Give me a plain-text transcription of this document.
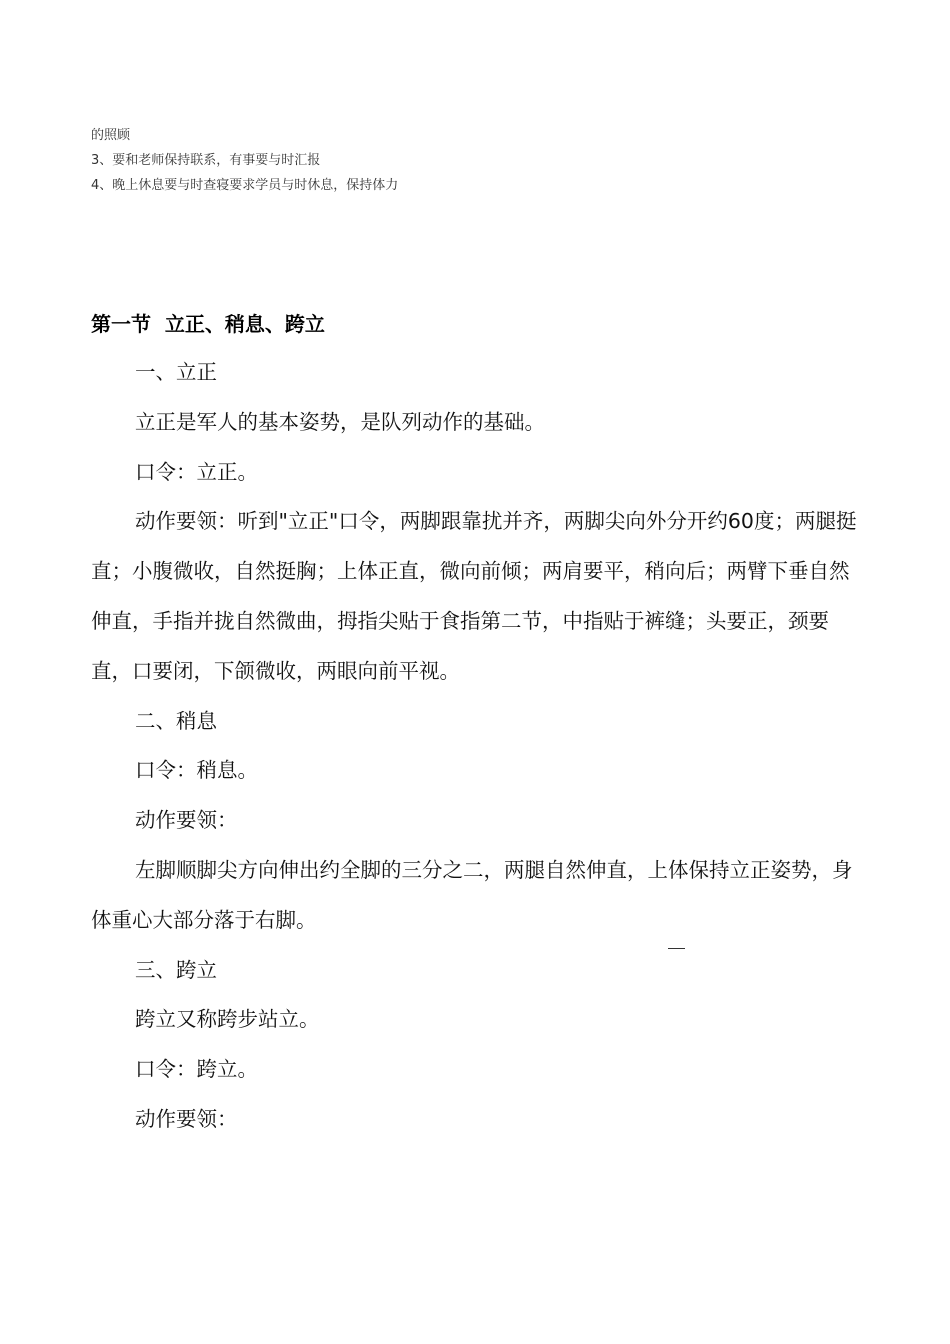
的照顾
3、要和老师保持联系，有事要与时汇报
4、晚上休息要与时查寝要求学员与时休息，保持体力
第一节  立正、稍息、跨立

一、立正

立正是军人的基本姿势，是队列动作的基础。

口令：立正。

动作要领：听到"立正"口令，两脚跟靠扰并齐，两脚尖向外分开约60度；两腿挺直；小腹微收，自然挺胸；上体正直，微向前倾；两肩要平，稍向后；两臂下垂自然伸直，手指并拢自然微曲，拇指尖贴于食指第二节，中指贴于裤缝；头要正，颈要直，口要闭，下颌微收，两眼向前平视。

二、稍息

口令：稍息。

动作要领：

左脚顺脚尖方向伸出约全脚的三分之二，两腿自然伸直，上体保持立正姿势，身体重心大部分落于右脚。

三、跨立

跨立又称跨步站立。

口令：跨立。

动作要领：
